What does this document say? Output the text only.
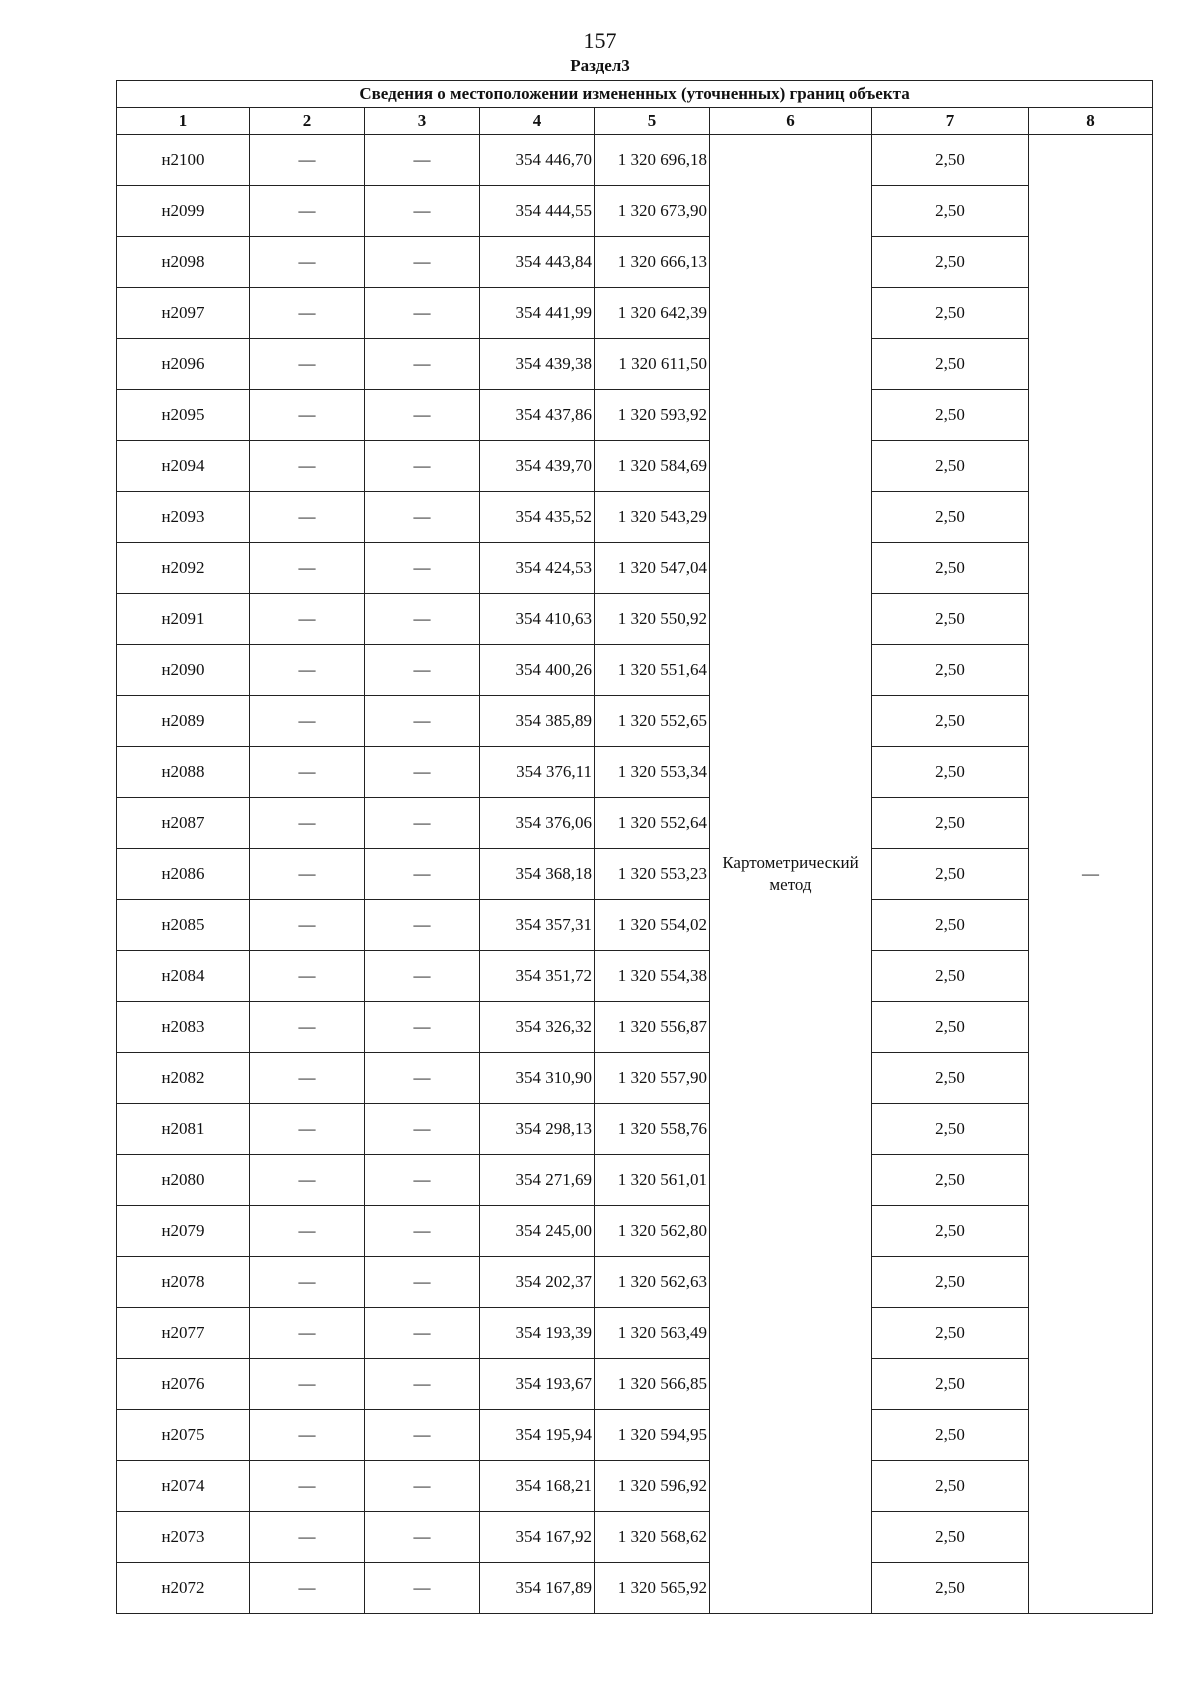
157
Раздел3
Сведения о местоположении измененных (уточненных) границ объекта							
1	2	3	4	5	6	7	8
н2100	—	—	354 446,70	1 320 696,18	Картометрический метод	2,50	—
н2099	—	—	354 444,55	1 320 673,90		2,50	
н2098	—	—	354 443,84	1 320 666,13		2,50	
н2097	—	—	354 441,99	1 320 642,39		2,50	
н2096	—	—	354 439,38	1 320 611,50		2,50	
н2095	—	—	354 437,86	1 320 593,92		2,50	
н2094	—	—	354 439,70	1 320 584,69		2,50	
н2093	—	—	354 435,52	1 320 543,29		2,50	
н2092	—	—	354 424,53	1 320 547,04		2,50	
н2091	—	—	354 410,63	1 320 550,92		2,50	
н2090	—	—	354 400,26	1 320 551,64		2,50	
н2089	—	—	354 385,89	1 320 552,65		2,50	
н2088	—	—	354 376,11	1 320 553,34		2,50	
н2087	—	—	354 376,06	1 320 552,64		2,50	
н2086	—	—	354 368,18	1 320 553,23		2,50	
н2085	—	—	354 357,31	1 320 554,02		2,50	
н2084	—	—	354 351,72	1 320 554,38		2,50	
н2083	—	—	354 326,32	1 320 556,87		2,50	
н2082	—	—	354 310,90	1 320 557,90		2,50	
н2081	—	—	354 298,13	1 320 558,76		2,50	
н2080	—	—	354 271,69	1 320 561,01		2,50	
н2079	—	—	354 245,00	1 320 562,80		2,50	
н2078	—	—	354 202,37	1 320 562,63		2,50	
н2077	—	—	354 193,39	1 320 563,49		2,50	
н2076	—	—	354 193,67	1 320 566,85		2,50	
н2075	—	—	354 195,94	1 320 594,95		2,50	
н2074	—	—	354 168,21	1 320 596,92		2,50	
н2073	—	—	354 167,92	1 320 568,62		2,50	
н2072	—	—	354 167,89	1 320 565,92		2,50	
